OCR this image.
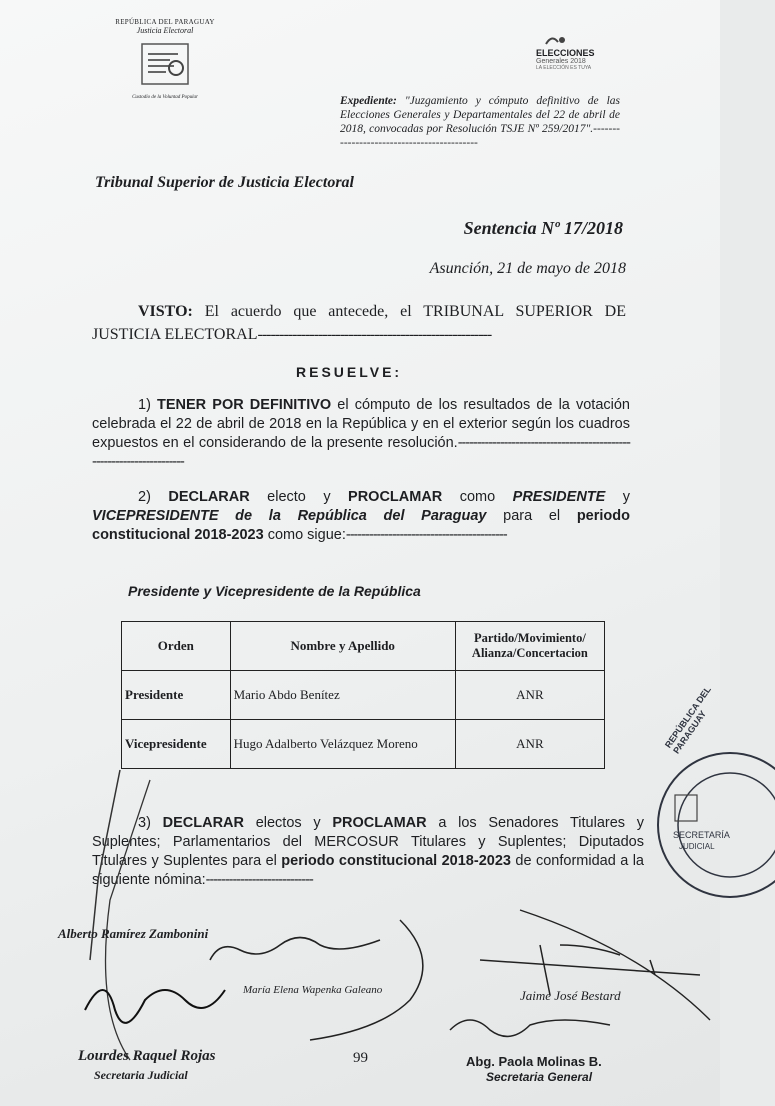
REPÚBLICA DEL PARAGUAY
Justicia Electoral
Custodio de la Voluntad Popular
ELECCIONES
Generales 2018
LA ELECCIÓN ES TUYA
Expediente: "Juzgamiento y cómputo definitivo de las Elecciones Generales y Departamentales del 22 de abril de 2018, convocadas por Resolución TSJE Nº 259/2017".-------------------------------------------
Tribunal Superior de Justicia Electoral
Sentencia Nº 17/2018
Asunción, 21 de mayo de 2018
VISTO: El acuerdo que antecede, el TRIBUNAL SUPERIOR DE JUSTICIA ELECTORAL------------------------------------------------------
RESUELVE:
1) TENER POR DEFINITIVO el cómputo de los resultados de la votación celebrada el 22 de abril de 2018 en la República y en el exterior según los cuadros expuestos en el considerando de la presente resolución.---------------------------------------------------------------------
2) DECLARAR electo y PROCLAMAR como PRESIDENTE y VICEPRESIDENTE de la República del Paraguay para el periodo constitucional 2018-2023 como sigue:------------------------------------------
Presidente y Vicepresidente de la República
Orden	Nombre y Apellido	Partido/Movimiento/ Alianza/Concertacion
Presidente	Mario Abdo Benítez	ANR
Vicepresidente	Hugo Adalberto Velázquez Moreno	ANR
3) DECLARAR electos y PROCLAMAR a los Senadores Titulares y Suplentes; Parlamentarios del MERCOSUR Titulares y Suplentes; Diputados Titulares y Suplentes para el periodo constitucional 2018-2023 de conformidad a la siguiente nómina:----------------------------
Alberto Ramírez Zambonini
María Elena Wapenka Galeano	Jaime José Bestard
Lourdes Raquel Rojas
Secretaria Judicial
Abg. Paola Molinas B.
Secretaria General
99
REPÚBLICA DEL PARAGUAY
SECRETARÍA
JUDICIAL
